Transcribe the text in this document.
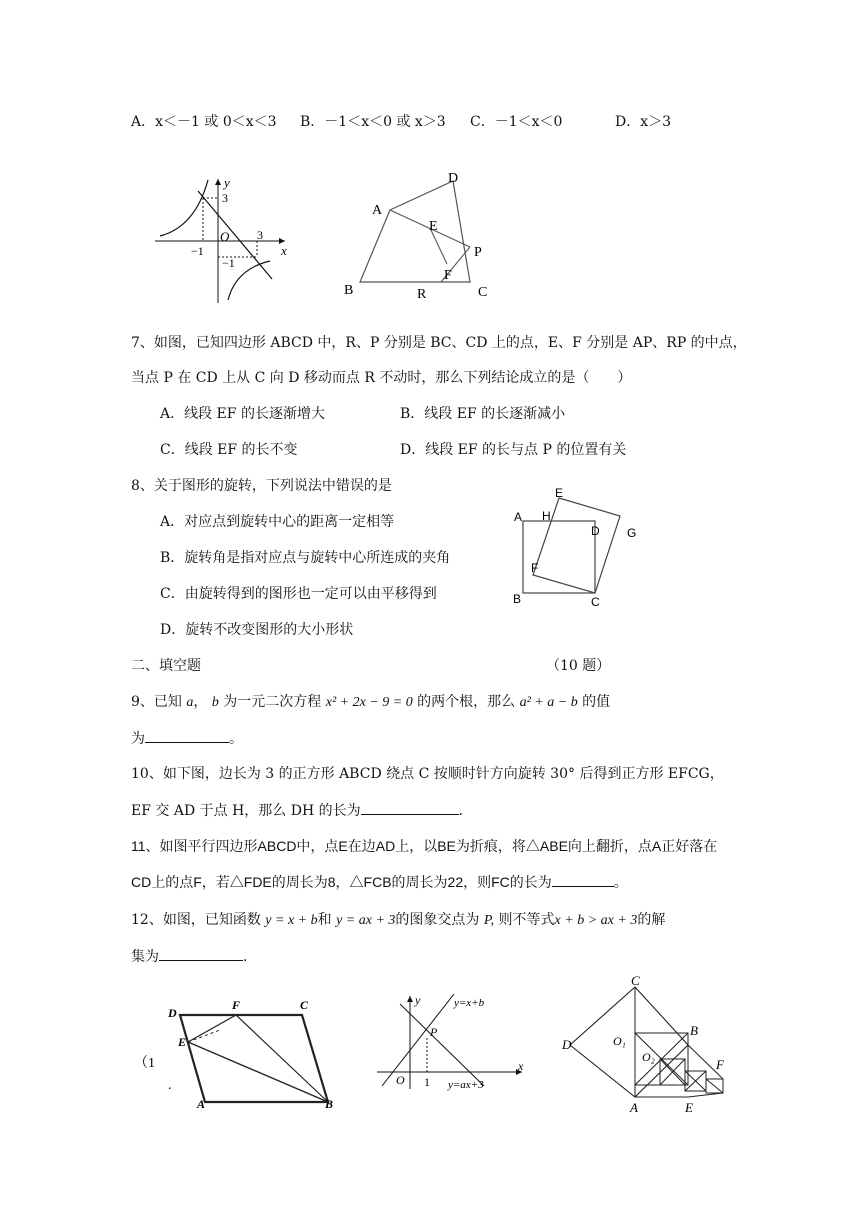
A．x＜－1 或 0＜x＜3 B．－1＜x＜0 或 x＞3 C．－1＜x＜0	D．x＞3
y
x
O
−1
3
3
−1
A
D
E
P
F
B	R	C
7、如图，已知四边形 ABCD 中，R、P 分别是 BC、CD 上的点，E、F 分别是 AP、RP 的中点，
当点 P 在 CD 上从 C 向 D 移动而点 R 不动时，那么下列结论成立的是（　　）
A．线段 EF 的长逐渐增大	B．线段 EF 的长逐渐减小
C．线段 EF 的长不变	D．线段 EF 的长与点 P 的位置有关
8、关于图形的旋转，下列说法中错误的是
A．对应点到旋转中心的距离一定相等
B．旋转角是指对应点与旋转中心所连成的夹角
C．由旋转得到的图形也一定可以由平移得到
D．旋转不改变图形的大小形状
E
A H
D G
F
B	C
二、填空题	（10 题）
9、已知 a， b 为一元二次方程 x² + 2x − 9 = 0 的两个根，那么 a² + a − b 的值
为	。
10、如下图，边长为 3 的正方形 ABCD 绕点 C 按顺时针方向旋转 30° 后得到正方形 EFCG，
EF 交 AD 于点 H，那么 DH 的长为	.
11、如图平行四边形ABCD中，点E在边AD上，以BE为折痕，将△ABE向上翻折，点A正好落在
CD上的点F，若△FDE的周长为8，△FCB的周长为22，则FC的长为	。
12、如图，已知函数 y = x + b和 y = ax + 3的图象交点为 P, 则不等式x + b > ax + 3的解
集为	.
D
F	C
E
A	B
（1
.
y
x
O 1
P
y=x+b
y=ax+3
C
D	O₁
O₂
B
F
A	E
